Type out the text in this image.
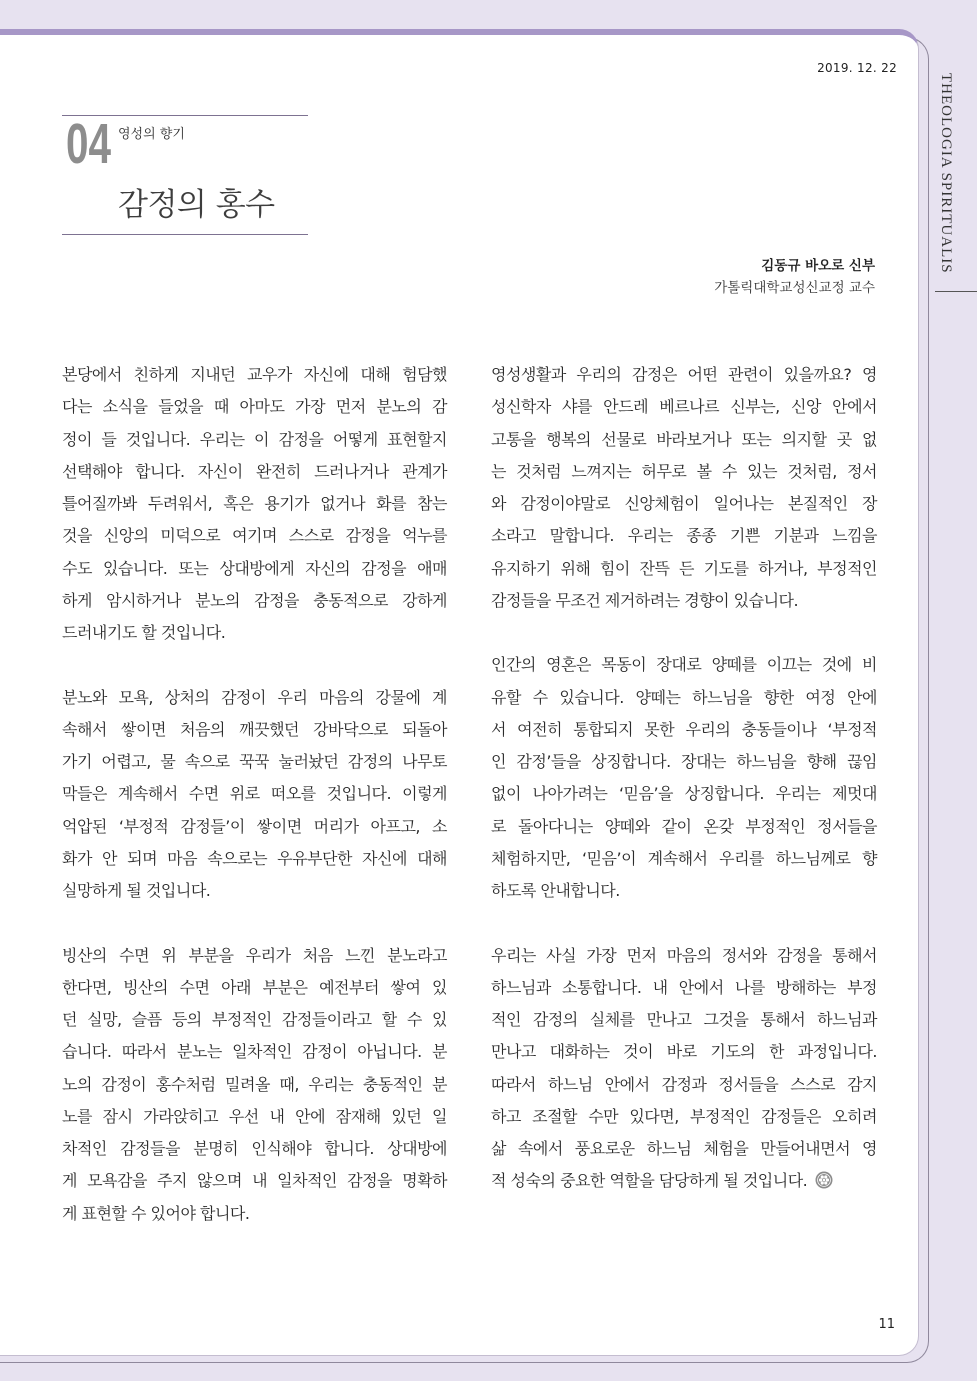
2019. 12. 22
THEOLOGIA SPIRITUALIS
04 영성의 향기
감정의 홍수
김동규 바오로 신부
가톨릭대학교성신교정 교수
본당에서 친하게 지내던 교우가 자신에 대해 험담했
다는 소식을 들었을 때 아마도 가장 먼저 분노의 감
정이 들 것입니다. 우리는 이 감정을 어떻게 표현할지
선택해야 합니다. 자신이 완전히 드러나거나 관계가
틀어질까봐 두려워서, 혹은 용기가 없거나 화를 참는
것을 신앙의 미덕으로 여기며 스스로 감정을 억누를
수도 있습니다. 또는 상대방에게 자신의 감정을 애매
하게 암시하거나 분노의 감정을 충동적으로 강하게
드러내기도 할 것입니다.
분노와 모욕, 상처의 감정이 우리 마음의 강물에 계
속해서 쌓이면 처음의 깨끗했던 강바닥으로 되돌아
가기 어렵고, 물 속으로 꾹꾹 눌러놨던 감정의 나무토
막들은 계속해서 수면 위로 떠오를 것입니다. 이렇게
억압된 ‘부정적 감정들’이 쌓이면 머리가 아프고, 소
화가 안 되며 마음 속으로는 우유부단한 자신에 대해
실망하게 될 것입니다.
빙산의 수면 위 부분을 우리가 처음 느낀 분노라고
한다면, 빙산의 수면 아래 부분은 예전부터 쌓여 있
던 실망, 슬픔 등의 부정적인 감정들이라고 할 수 있
습니다. 따라서 분노는 일차적인 감정이 아닙니다. 분
노의 감정이 홍수처럼 밀려올 때, 우리는 충동적인 분
노를 잠시 가라앉히고 우선 내 안에 잠재해 있던 일
차적인 감정들을 분명히 인식해야 합니다. 상대방에
게 모욕감을 주지 않으며 내 일차적인 감정을 명확하
게 표현할 수 있어야 합니다.
영성생활과 우리의 감정은 어떤 관련이 있을까요? 영
성신학자 샤를 안드레 베르나르 신부는, 신앙 안에서
고통을 행복의 선물로 바라보거나 또는 의지할 곳 없
는 것처럼 느껴지는 허무로 볼 수 있는 것처럼, 정서
와 감정이야말로 신앙체험이 일어나는 본질적인 장
소라고 말합니다. 우리는 종종 기쁜 기분과 느낌을
유지하기 위해 힘이 잔뜩 든 기도를 하거나, 부정적인
감정들을 무조건 제거하려는 경향이 있습니다.
인간의 영혼은 목동이 장대로 양떼를 이끄는 것에 비
유할 수 있습니다. 양떼는 하느님을 향한 여정 안에
서 여전히 통합되지 못한 우리의 충동들이나 ‘부정적
인 감정’들을 상징합니다. 장대는 하느님을 향해 끊임
없이 나아가려는 ‘믿음’을 상징합니다. 우리는 제멋대
로 돌아다니는 양떼와 같이 온갖 부정적인 정서들을
체험하지만, ‘믿음’이 계속해서 우리를 하느님께로 향
하도록 안내합니다.
우리는 사실 가장 먼저 마음의 정서와 감정을 통해서
하느님과 소통합니다. 내 안에서 나를 방해하는 부정
적인 감정의 실체를 만나고 그것을 통해서 하느님과
만나고 대화하는 것이 바로 기도의 한 과정입니다.
따라서 하느님 안에서 감정과 정서들을 스스로 감지
하고 조절할 수만 있다면, 부정적인 감정들은 오히려
삶 속에서 풍요로운 하느님 체험을 만들어내면서 영
적 성숙의 중요한 역할을 담당하게 될 것입니다.
11
